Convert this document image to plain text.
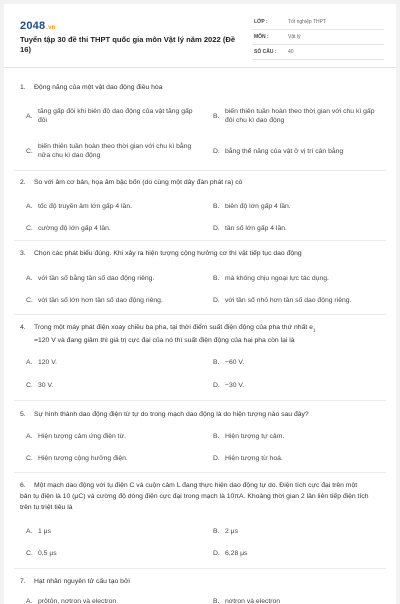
2048.vn
Tuyển tập 30 đề thi THPT quốc gia môn Vật lý năm 2022 (Đề 16)
LỚP :	Tốt nghiệp THPT
MÔN :	Vật lý
SỐ CÂU : 40
1. Động năng của một vật dao động điều hòa
A.
tăng gấp đôi khi biên độ dao động của vật tăng gấp đôi
B.
biến thiên tuần hoàn theo thời gian với chu kì gấp đôi chu kì dao động
C.
biến thiên tuần hoàn theo thời gian với chu kì bằng nửa chu kì dao động
D. bằng thế năng của vật ở vị trí cân bằng
2. So với âm cơ bản, họa âm bậc bốn (do cùng một dây đàn phát ra) có
A. tốc độ truyền âm lớn gấp 4 lần.	B. biên độ lớn gấp 4 lần.
C. cường độ lớn gấp 4 lần.	D. tần số lớn gấp 4 lần.
3. Chọn các phát biểu đúng. Khi xảy ra hiện tượng cộng hưởng cơ thì vật tiếp tục dao động
A. với tần số bằng tần số dao động riêng.	B. mà không chịu ngoại lực tác dụng.
C. với tần số lớn hơn tần số dao động riêng.	D. với tần số nhỏ hơn tần số dao động riêng.
4. Trong một máy phát điện xoay chiều ba pha, tại thời điểm suất điện động của pha thứ nhất $e_1$
=120 V và đang giảm thì giá trị cực đại của nó thì suất điện động của hai pha còn lại là
A. 120 V.	B. −60 V.
C. 30 V.	D. −30 V.
5. Sự hình thành dao động điện từ tự do trong mạch dao động là do hiện tượng nào sau đây?
A. Hiện tượng cảm ứng điện từ.	B. Hiện tượng tự cảm.
C. Hiện tượng cộng hưởng điện.	D. Hiện tượng từ hoá.
6. Một mạch dao động với tụ điện C và cuộn cảm L đang thực hiện dao động tự do. Điện tích cực đại trên một bản tụ điện là 10 (μC) và cường độ dòng điện cực đại trong mạch là 10πA. Khoảng thời gian 2 lần liên tiếp điện tích trên tụ triệt tiêu là
A. 1 μs	B. 2 μs
C. 0,5 μs	D. 6,28 μs
7. Hạt nhân nguyên tử cấu tạo bởi
A. prôtôn, nơtron và electron	B. nơtron và electron
